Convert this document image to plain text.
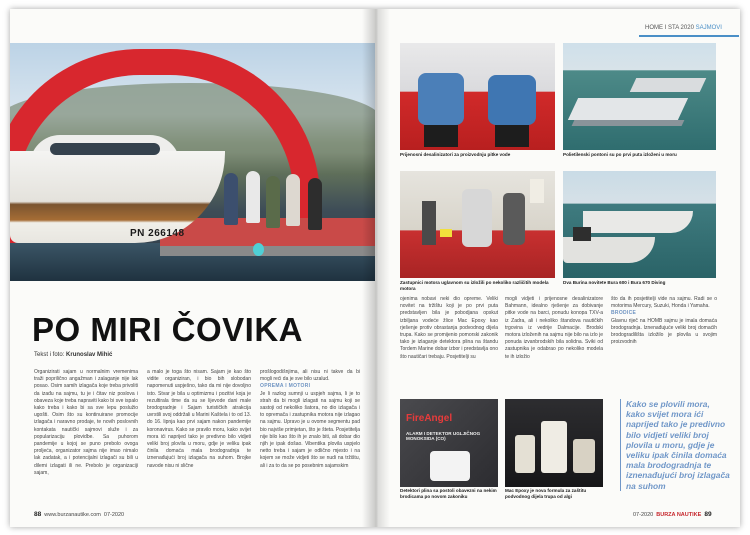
PN 266148
PO MIRI ČOVIKA
Tekst i foto: Krunoslav Mihić
Organizirati sajam u normalnim vremenima traži poprilično angažman i zalaganje nije lak posao. Osim samih izlagača koje treba privoliti da izađu na sajmu, tu je i čitav niz poslova i obaveza koje treba napraviti kako bi sve ispalo kako treba i kako bi sa sve lepu poslužio ugošti. Osim što su kontinuirane promocije izlagača i naravno prodaje, te novih poslovnih kontakata nautički sajmovi služe i za popularizaciju plovidbe. Sa puhorom pandemije u kojoj se puno prebolo ovoga proljeća, organizator sajma nije imao nimalo lak zadatak, a i potencijalni izlagači su bili u dilemi izlagati ili ne. Prebolo je organizaciji sajam,
a malo je toga što nisam. Sajam je kao što vidite organiziran, i bio bih slobodan napomenuti uspješno, tako da mi nije dovoljno isto. Stvar je bila u optimizmu i pozitivi koja je rezultirala time da su se lijevode dani male brodogradnje i Sajam turističkih atrakcija uvrstili svoj oddržali u Marini Kaštela i to od 13. do 16. lipnja kao prvi sajam nakon pandemije koronavirus. Kako se pravilo moru, kako svijet mora ići naprijed tako je predivno bilo vidjeti veliki broj plovila u moru, gdje je veliku ipak činila domaća mala brodogradnja te iznenađujući broj izlagača na suhom. Brojke navode nisu ni slične
prošlogodišnjima, ali nisu ni takve da bi mogli reći da je sve bilo uzalud.
OPREMA I MOTORI
Je li razlog sumnji u uspjeh sajma, li je to strah da bi mogli izlagati na sajmu koji se sastoji od nekoliko šatora, no dio izlagača i to opremača i zastupnika motora nije izlagao na sajmu. Upravo je u ovome segmentu pad bio najviše primjetan, što je šteta. Posjetitelja nije bilo kao što ih je znalo biti, ali dobar dio njih je ipak došao. Vibentika plovila uspjelo netto treba i sajam je odlično mjesto i na kojem se može vidjeti što se nudi na tržištu, ali i za to da se po posebnim sajamskim
88 www.burzanautike.com 07-2020
HOME I STA 2020 SAJMOVI
Prijenosni desalinizatori za proizvodnju pitke vode	Polietilenski pontoni su po prvi puta izloženi u moru
Zastupnici motora uglavnom su izložili po nekoliko različitih modela motora
Dva Burina novitete Bura 600 i Bura 670 Diving
ojenima nobavi neki dio opreme. Veliki novitet na tržištu koji je po prvi puta predstavljen bila je pobodjana opskut izbiljana vodeće žlice Mac Epoxy kao rješenje protiv obrastanja podvodnog dijela trupa. Kako se promijenio pomorski zakonik tako je izlaganje detektora plina na štandu Tordem Marine dobar izbor i predstavlja ono što nautičari trebaju. Posjetitelji su
mogli vidjeti i prijenosne desalinizatore Bahmann, idealno rješenje za dobivanje pitke vode na barci, ponudu konopa TXV-a iz Zadra, ali i nekoliko štandova nautičkih trgovina iz vedrije Dalmacije. Brodski motora izloženih na sajmu nije bilo na izlo je ponuda izvanbrodskih bila solidna. Sviki od zastupnika je odabrao po nekoliko modela te ih izložio
što da ih posjetitelji vide na sajmu. Radi se o motorima Mercury, Suzuki, Honda i Yamaha.
BRODICE
Glavnu riječ na HOMB sajmu je imala domaća brodogradnja. Iznenađujuće veliki broj domaćih brodogradilišta izložilo je plovila u svojim proizvodnih
FireAngel
ALARM I DETEKTOR UGLJIČNOG MONOKSIDA (CO)
Detektori plina sa postoli obavezni na nekim brodicama po novom zakoniku
Mac Epoxy je nova formula za zaštitu podvodnog dijela trupa od algi
Kako se plovili mora, kako svijet mora ići naprijed tako je predivno bilo vidjeti veliki broj plovila u moru, gdje je veliku ipak činila domaća mala brodogradnja te iznenađujući broj izlagača na suhom
07-2020 BURZA NAUTIKE 89
